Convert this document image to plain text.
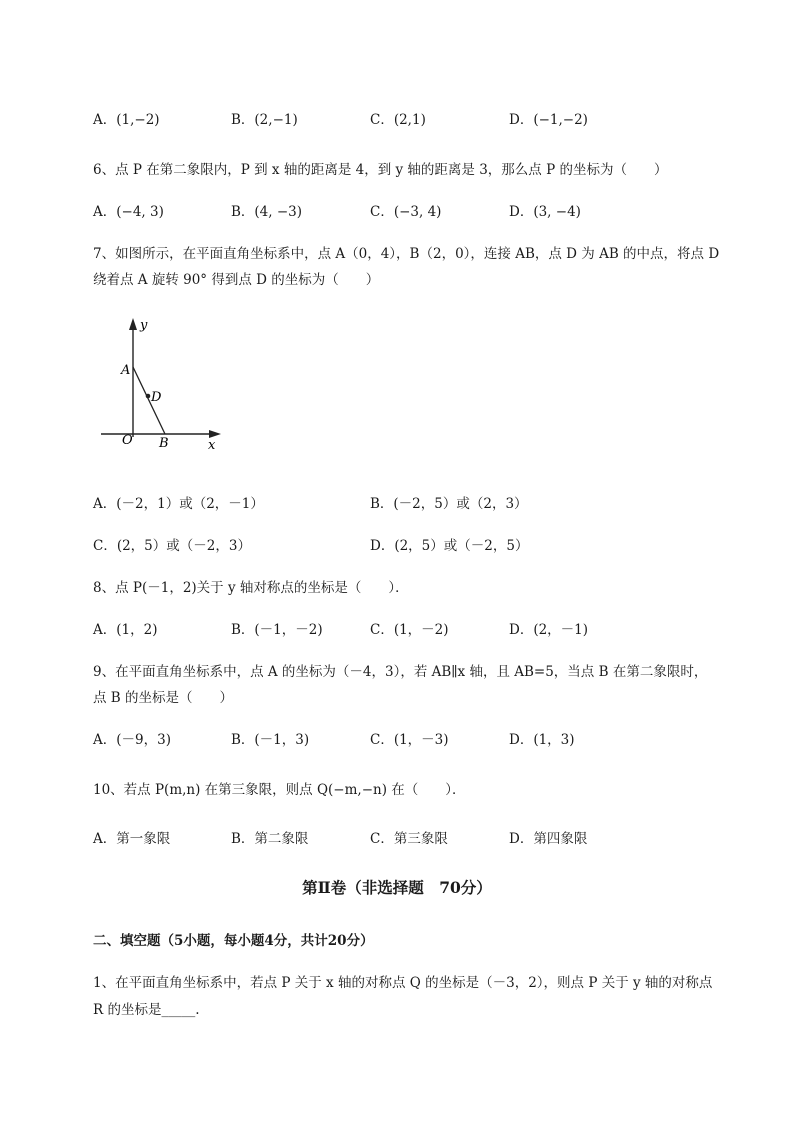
A．(1,−2)	B．(2,−1)	C．(2,1)	D．(−1,−2)
6、点 P 在第二象限内，P 到 x 轴的距离是 4，到 y 轴的距离是 3，那么点 P 的坐标为（　　）
A．(−4, 3)	B．(4, −3)	C．(−3, 4)	D．(3, −4)
7、如图所示，在平面直角坐标系中，点 A（0，4），B（2，0），连接 AB，点 D 为 AB 的中点，将点 D
绕着点 A 旋转 90° 得到点 D 的坐标为（　　）
y
A
D
O B	x
A．(－2，1）或（2，－1）	B．(－2，5）或（2，3）
C．(2，5）或（－2，3）	D．(2，5）或（－2，5）
8、点 P(－1，2)关于 y 轴对称点的坐标是（　　）．
A．(1，2)	B．(－1，－2)	C．(1，－2)	D．(2，－1)
9、在平面直角坐标系中，点 A 的坐标为（－4，3），若 AB∥x 轴，且 AB=5，当点 B 在第二象限时，
点 B 的坐标是（　　）
A．(－9，3)	B．(－1，3)	C．(1，－3)	D．(1，3)
10、若点 P(m,n) 在第三象限，则点 Q(−m,−n) 在（　　）．
A．第一象限	B．第二象限	C．第三象限	D．第四象限
第Ⅱ卷（非选择题　70分）
二、填空题（5小题，每小题4分，共计20分）
1、在平面直角坐标系中，若点 P 关于 x 轴的对称点 Q 的坐标是（－3，2），则点 P 关于 y 轴的对称点
R 的坐标是_____.
